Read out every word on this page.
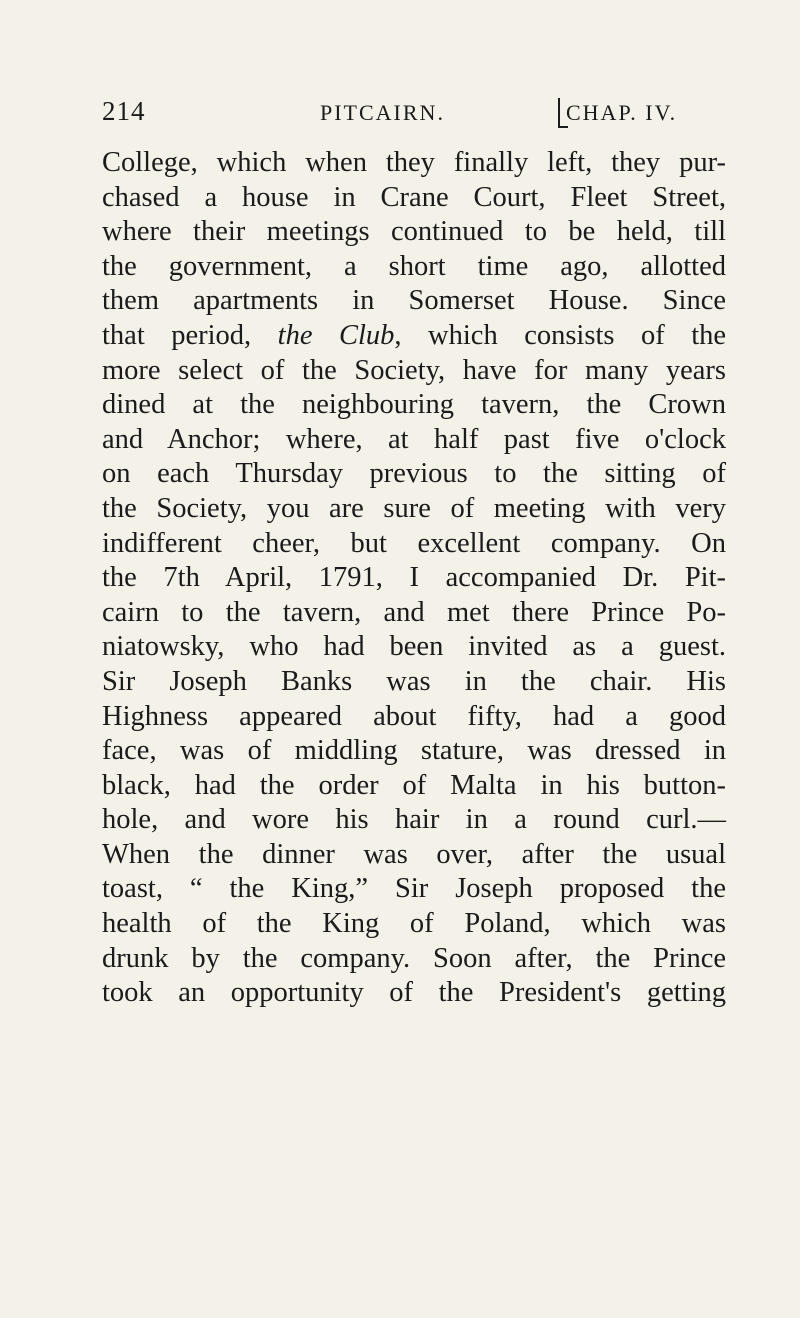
214	PITCAIRN.	CHAP. IV.
College, which when they finally left, they pur-
chased a house in Crane Court, Fleet Street,
where their meetings continued to be held, till
the government, a short time ago, allotted
them apartments in Somerset House. Since
that period, the Club, which consists of the
more select of the Society, have for many years
dined at the neighbouring tavern, the Crown
and Anchor; where, at half past five o'clock
on each Thursday previous to the sitting of
the Society, you are sure of meeting with very
indifferent cheer, but excellent company. On
the 7th April, 1791, I accompanied Dr. Pit-
cairn to the tavern, and met there Prince Po-
niatowsky, who had been invited as a guest.
Sir Joseph Banks was in the chair. His
Highness appeared about fifty, had a good
face, was of middling stature, was dressed in
black, had the order of Malta in his button-
hole, and wore his hair in a round curl.—
When the dinner was over, after the usual
toast, “ the King,” Sir Joseph proposed the
health of the King of Poland, which was
drunk by the company. Soon after, the Prince
took an opportunity of the President's getting
